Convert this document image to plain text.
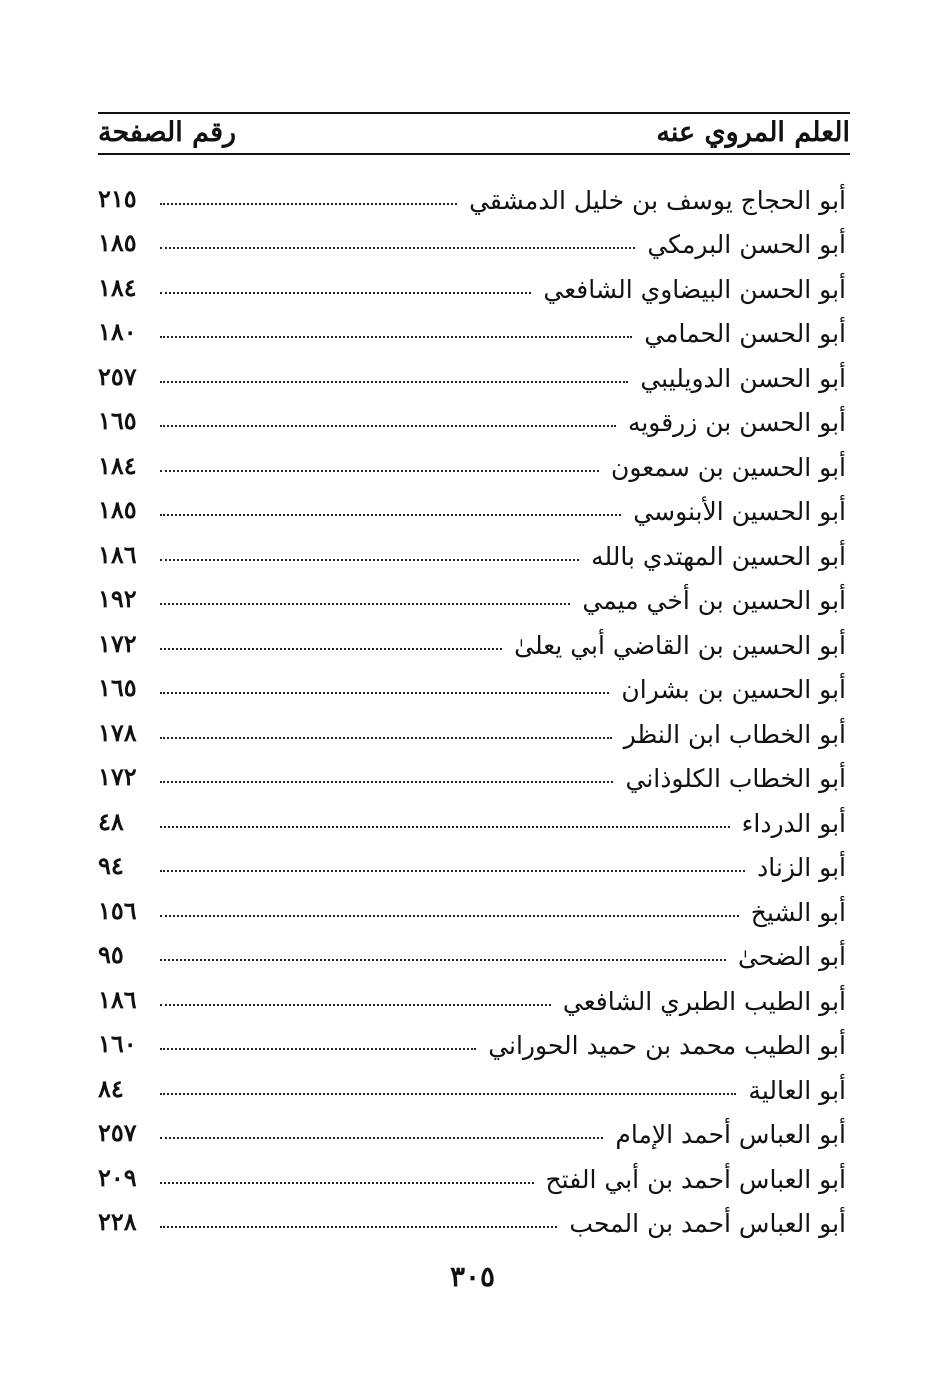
العلم المروي عنه
رقم الصفحة
أبو الحجاج يوسف بن خليل الدمشقي
٢١٥
أبو الحسن البرمكي
١٨٥
أبو الحسن البيضاوي الشافعي
١٨٤
أبو الحسن الحمامي
١٨٠
أبو الحسن الدويليبي
٢٥٧
أبو الحسن بن زرقويه
١٦٥
أبو الحسين بن سمعون
١٨٤
أبو الحسين الأبنوسي
١٨٥
أبو الحسين المهتدي بالله
١٨٦
أبو الحسين بن أخي ميمي
١٩٢
أبو الحسين بن القاضي أبي يعلىٰ
١٧٢
أبو الحسين بن بشران
١٦٥
أبو الخطاب ابن النظر
١٧٨
أبو الخطاب الكلوذاني
١٧٢
أبو الدرداء
٤٨
أبو الزناد
٩٤
أبو الشيخ
١٥٦
أبو الضحىٰ
٩٥
أبو الطيب الطبري الشافعي
١٨٦
أبو الطيب محمد بن حميد الحوراني
١٦٠
أبو العالية
٨٤
أبو العباس أحمد الإمام
٢٥٧
أبو العباس أحمد بن أبي الفتح
٢٠٩
أبو العباس أحمد بن المحب
٢٢٨
٣٠٥
